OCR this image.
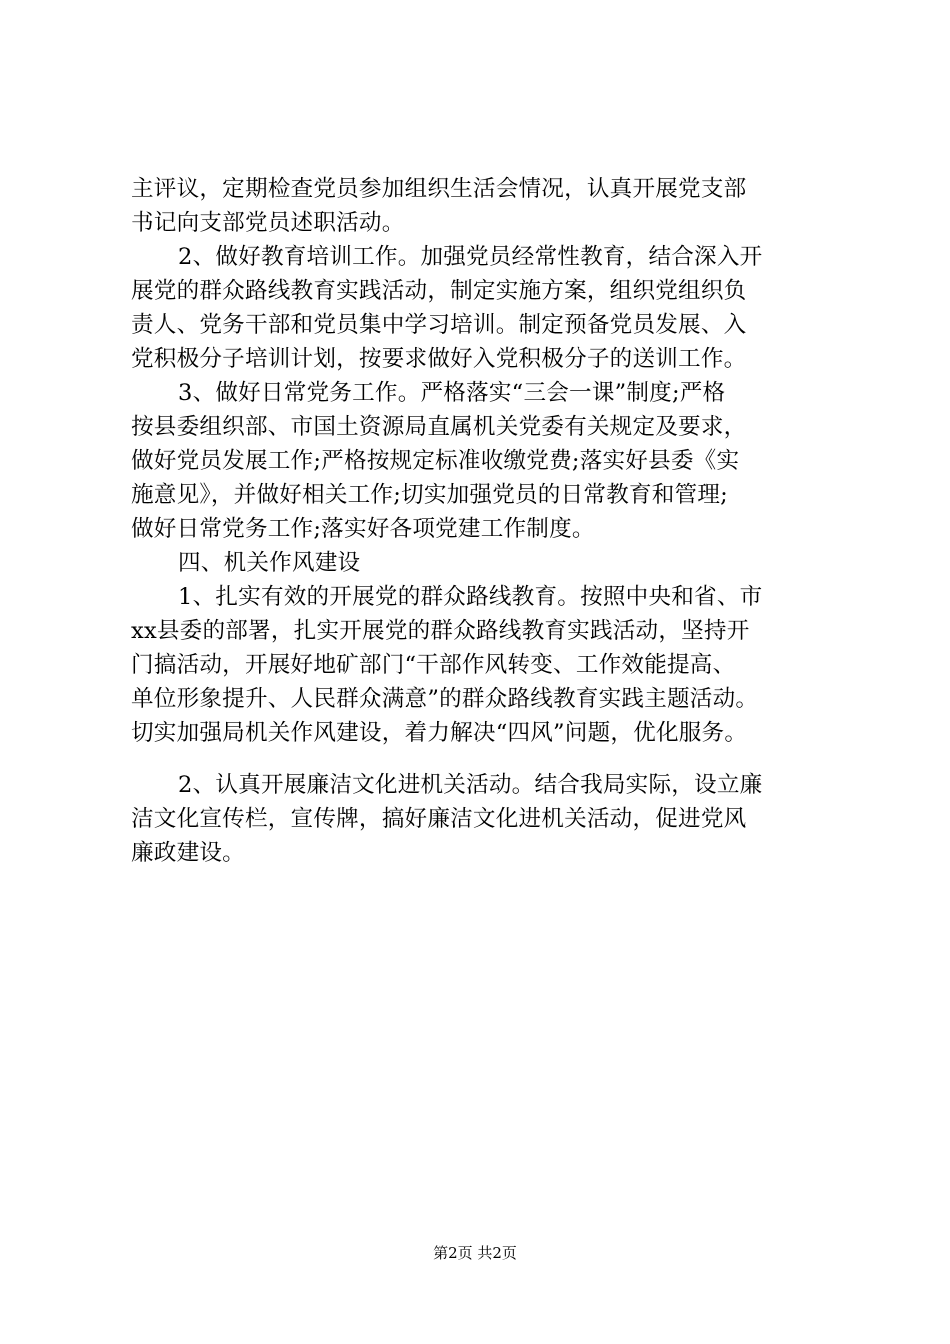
主评议，定期检查党员参加组织生活会情况，认真开展党支部
书记向支部党员述职活动。
2、做好教育培训工作。加强党员经常性教育，结合深入开
展党的群众路线教育实践活动，制定实施方案，组织党组织负
责人、党务干部和党员集中学习培训。制定预备党员发展、入
党积极分子培训计划，按要求做好入党积极分子的送训工作。
3、做好日常党务工作。严格落实“三会一课”制度;严格
按县委组织部、市国土资源局直属机关党委有关规定及要求，
做好党员发展工作;严格按规定标准收缴党费;落实好县委《实
施意见》，并做好相关工作;切实加强党员的日常教育和管理;
做好日常党务工作;落实好各项党建工作制度。
四、机关作风建设
1、扎实有效的开展党的群众路线教育。按照中央和省、市
xx县委的部署，扎实开展党的群众路线教育实践活动，坚持开
门搞活动，开展好地矿部门“干部作风转变、工作效能提高、
单位形象提升、人民群众满意”的群众路线教育实践主题活动。
切实加强局机关作风建设，着力解决“四风”问题，优化服务。
2、认真开展廉洁文化进机关活动。结合我局实际，设立廉
洁文化宣传栏，宣传牌，搞好廉洁文化进机关活动，促进党风
廉政建设。
第2页 共2页
